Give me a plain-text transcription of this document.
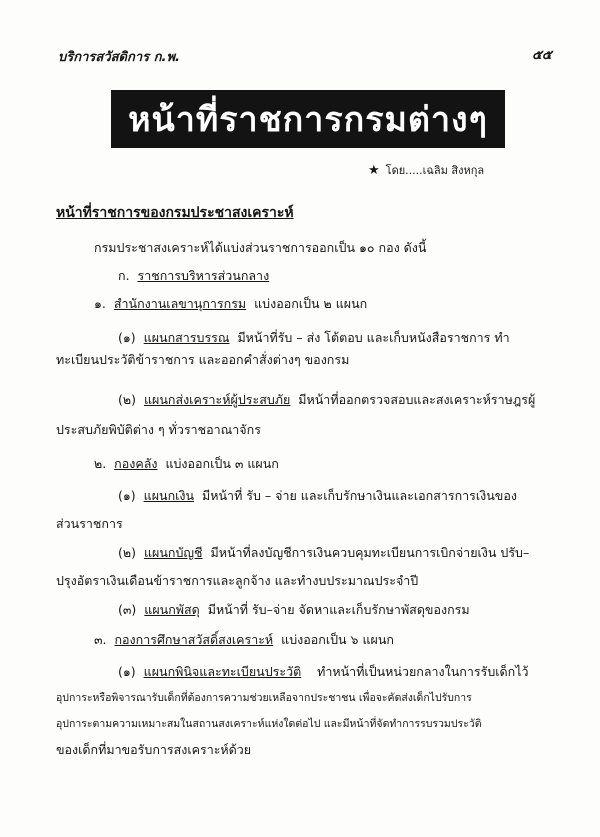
บริการสวัสดิการ ก.พ.	๕๕
หน้าที่ราชการกรมต่างๆ
★ โดย.....เฉลิม สิงหกุล
หน้าที่ราชการของกรมประชาสงเคราะห์
กรมประชาสงเคราะห์ได้แบ่งส่วนราชการออกเป็น ๑๐ กอง ดังนี้
ก. ราชการบริหารส่วนกลาง
๑. สำนักงานเลขานุการกรม แบ่งออกเป็น ๒ แผนก
(๑) แผนกสารบรรณ มีหน้าที่รับ – ส่ง โต้ตอบ และเก็บหนังสือราชการ ทำ
ทะเบียนประวัติข้าราชการ และออกคำสั่งต่างๆ ของกรม
(๒) แผนกส่งเคราะห์ผู้ประสบภัย มีหน้าที่ออกตรวจสอบและสงเคราะห์ราษฎรผู้
ประสบภัยพิบัติต่าง ๆ ทั่วราชอาณาจักร
๒. กองคลัง แบ่งออกเป็น ๓ แผนก
(๑) แผนกเงิน มีหน้าที่ รับ – จ่าย และเก็บรักษาเงินและเอกสารการเงินของ
ส่วนราชการ
(๒) แผนกบัญชี มีหน้าที่ลงบัญชีการเงินควบคุมทะเบียนการเบิกจ่ายเงิน ปรับ–
ปรุงอัตราเงินเดือนข้าราชการและลูกจ้าง และทำงบประมาณประจำปี
(๓) แผนกพัสดุ มีหน้าที่ รับ–จ่าย จัดหาและเก็บรักษาพัสดุของกรม
๓. กองการศึกษาสวัสดิ์สงเคราะห์ แบ่งออกเป็น ๖ แผนก
(๑) แผนกพินิจและทะเบียนประวัติ ทำหน้าที่เป็นหน่วยกลางในการรับเด็กไว้
อุปการะหรือพิจารณารับเด็กที่ต้องการความช่วยเหลือจากประชาชน เพื่อจะคัดส่งเด็กไปรับการ
อุปการะตามความเหมาะสมในสถานสงเคราะห์แห่งใดต่อไป และมีหน้าที่จัดทำการรบรวมประวัติ
ของเด็กที่มาขอรับการสงเคราะห์ด้วย
